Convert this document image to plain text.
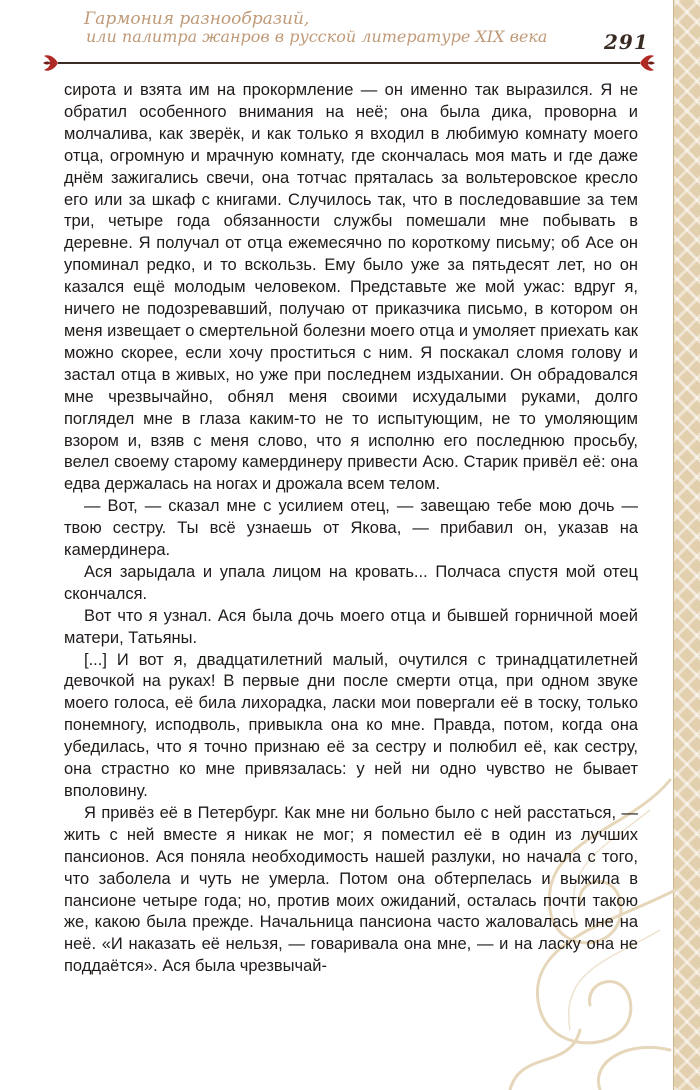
Гармония разнообразий,

или палитра жанров в русской литературе XIX века	291

сирота и взята им на прокормление — он именно так выразился. Я не обратил особенного внимания на неё; она была дика, проворна и молчалива, как зверёк, и как только я входил в любимую комнату моего отца, огромную и мрачную комнату, где скончалась моя мать и где даже днём зажигались свечи, она тотчас пряталась за вольтеровское кресло его или за шкаф с книгами. Случилось так, что в последовавшие за тем три, четыре года обязанности службы помешали мне побывать в деревне. Я получал от отца ежемесячно по короткому письму; об Асе он упоминал редко, и то вскользь. Ему было уже за пятьдесят лет, но он казался ещё молодым человеком. Представьте же мой ужас: вдруг я, ничего не подозревавший, получаю от приказчика письмо, в котором он меня извещает о смертельной болезни моего отца и умоляет приехать как можно скорее, если хочу проститься с ним. Я поскакал сломя голову и застал отца в живых, но уже при последнем издыхании. Он обрадовался мне чрезвычайно, обнял меня своими исхудалыми руками, долго поглядел мне в глаза каким-то не то испытующим, не то умоляющим взором и, взяв с меня слово, что я исполню его последнюю просьбу, велел своему старому камердинеру привести Асю. Старик привёл её: она едва держалась на ногах и дрожала всем телом.

— Вот, — сказал мне с усилием отец, — завещаю тебе мою дочь — твою сестру. Ты всё узнаешь от Якова, — прибавил он, указав на камердинера.

Ася зарыдала и упала лицом на кровать... Полчаса спустя мой отец скончался.

Вот что я узнал. Ася была дочь моего отца и бывшей горничной моей матери, Татьяны.

[...] И вот я, двадцатилетний малый, очутился с тринадцатилетней девочкой на руках! В первые дни после смерти отца, при одном звуке моего голоса, её била лихорадка, ласки мои повергали её в тоску, только понемногу, исподволь, привыкла она ко мне. Правда, потом, когда она убедилась, что я точно признаю её за сестру и полюбил её, как сестру, она страстно ко мне привязалась: у ней ни одно чувство не бывает вполовину.

Я привёз её в Петербург. Как мне ни больно было с ней расстаться, — жить с ней вместе я никак не мог; я поместил её в один из лучших пансионов. Ася поняла необходимость нашей разлуки, но начала с того, что заболела и чуть не умерла. Потом она обтерпелась и выжила в пансионе четыре года; но, против моих ожиданий, осталась почти такою же, какою была прежде. Начальница пансиона часто жаловалась мне на неё. «И наказать её нельзя, — говаривала она мне, — и на ласку она не поддаётся». Ася была чрезвычай-
